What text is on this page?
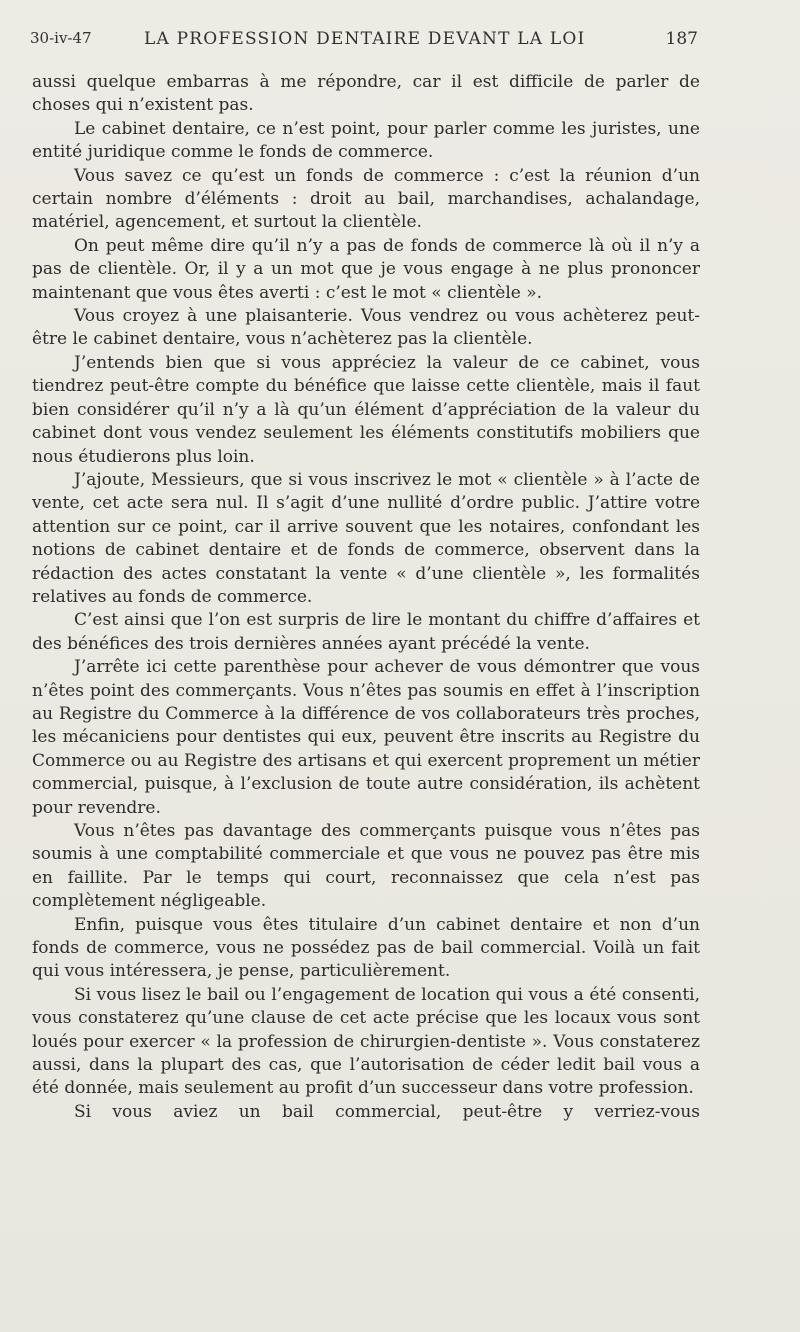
30-iv-47	LA PROFESSION DENTAIRE DEVANT LA LOI	187

aussi quelque embarras à me répondre, car il est difficile de parler de choses qui n’existent pas.

Le cabinet dentaire, ce n’est point, pour parler comme les juristes, une entité juridique comme le fonds de commerce.

Vous savez ce qu’est un fonds de commerce : c’est la réunion d’un certain nombre d’éléments : droit au bail, marchandises, achalandage, matériel, agencement, et surtout la clientèle.

On peut même dire qu’il n’y a pas de fonds de commerce là où il n’y a pas de clientèle. Or, il y a un mot que je vous engage à ne plus prononcer maintenant que vous êtes averti : c’est le mot « clientèle ».

Vous croyez à une plaisanterie. Vous vendrez ou vous achèterez peut-être le cabinet dentaire, vous n’achèterez pas la clientèle.

J’entends bien que si vous appréciez la valeur de ce cabinet, vous tiendrez peut-être compte du bénéfice que laisse cette clientèle, mais il faut bien considérer qu’il n’y a là qu’un élément d’appréciation de la valeur du cabinet dont vous vendez seulement les éléments constitutifs mobiliers que nous étudierons plus loin.

J’ajoute, Messieurs, que si vous inscrivez le mot « clientèle » à l’acte de vente, cet acte sera nul. Il s’agit d’une nullité d’ordre public. J’attire votre attention sur ce point, car il arrive souvent que les notaires, confondant les notions de cabinet dentaire et de fonds de commerce, observent dans la rédaction des actes constatant la vente « d’une clientèle », les formalités relatives au fonds de commerce.

C’est ainsi que l’on est surpris de lire le montant du chiffre d’affaires et des bénéfices des trois dernières années ayant précédé la vente.

J’arrête ici cette parenthèse pour achever de vous démontrer que vous n’êtes point des commerçants. Vous n’êtes pas soumis en effet à l’inscription au Registre du Commerce à la différence de vos collaborateurs très proches, les mécaniciens pour dentistes qui eux, peuvent être inscrits au Registre du Commerce ou au Registre des artisans et qui exercent proprement un métier commercial, puisque, à l’exclusion de toute autre considération, ils achètent pour revendre.

Vous n’êtes pas davantage des commerçants puisque vous n’êtes pas soumis à une comptabilité commerciale et que vous ne pouvez pas être mis en faillite. Par le temps qui court, reconnaissez que cela n’est pas complètement négligeable.

Enfin, puisque vous êtes titulaire d’un cabinet dentaire et non d’un fonds de commerce, vous ne possédez pas de bail commercial. Voilà un fait qui vous intéressera, je pense, particulièrement.

Si vous lisez le bail ou l’engagement de location qui vous a été consenti, vous constaterez qu’une clause de cet acte précise que les locaux vous sont loués pour exercer « la profession de chirurgien-dentiste ». Vous constaterez aussi, dans la plupart des cas, que l’autorisation de céder ledit bail vous a été donnée, mais seulement au profit d’un successeur dans votre profession.

Si vous aviez un bail commercial, peut-être y verriez-vous
